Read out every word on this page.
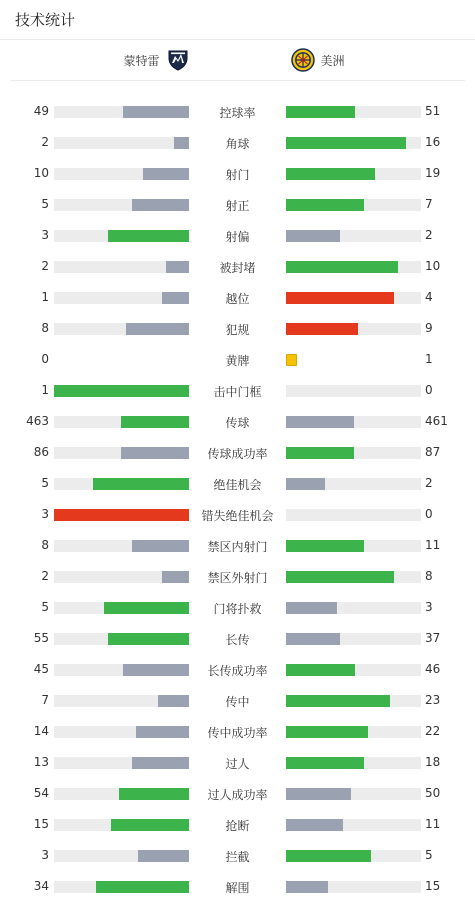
技术统计
蒙特雷	美洲
49	控球率	51
2	角球	16
10	射门	19
5	射正	7
3	射偏	2
2	被封堵	10
1	越位	4
8	犯规	9
0	黄牌	1
1	击中门框	0
463	传球	461
86	传球成功率	87
5	绝佳机会	2
3	错失绝佳机会	0
8	禁区内射门	11
2	禁区外射门	8
5	门将扑救	3
55	长传	37
45	长传成功率	46
7	传中	23
14	传中成功率	22
13	过人	18
54	过人成功率	50
15	抢断	11
3	拦截	5
34	解围	15
